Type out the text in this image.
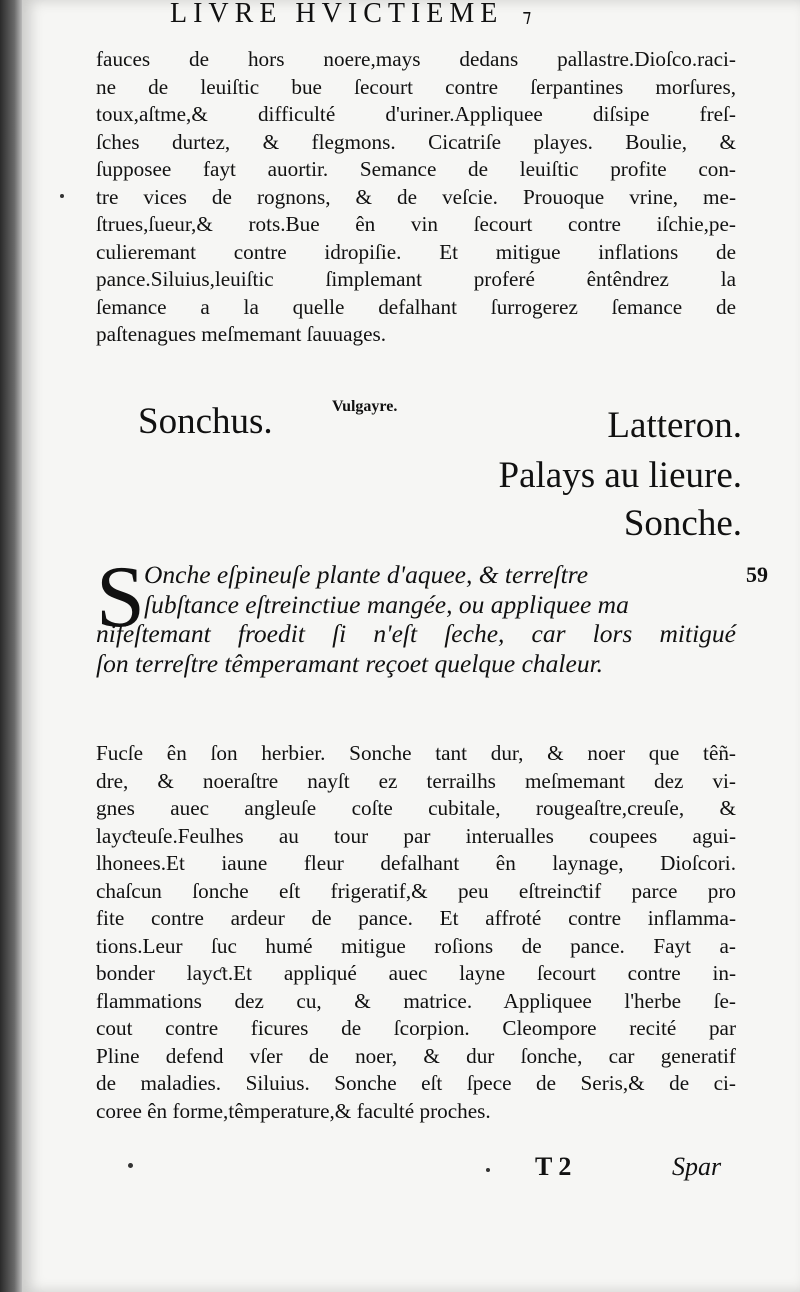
LIVRE HVICTIEME ⁊
fauces de hors noere,mays dedans pallastre.Dioſco.raci-
ne de leuiſtic bue ſecourt contre ſerpantines morſures,
toux,aſtme,& difficulté d'uriner.Appliquee diſsipe freſ-
ſches durtez, & flegmons. Cicatriſe playes. Boulie, &
ſupposee fayt auortir. Semance de leuiſtic profite con-
tre vices de rognons, & de veſcie. Prouoque vrine, me-
ſtrues,ſueur,& rots.Bue ên vin ſecourt contre iſchie,pe-
culieremant contre idropiſie. Et mitigue inflations de
pance.Siluius,leuiſtic ſimplemant proferé êntêndrez la
ſemance a la quelle defalhant ſurrogerez ſemance de
paſtenagues meſmemant ſauuages.
Sonchus.	Vulgayre.	Latteron.
Palays au lieure.
Sonche.
S Onche eſpineuſe plante d'aquee, & terreſtre
ſubſtance eſtreinctiue mangée, ou appliquee ma
nifeſtemant froedit ſi n'eſt ſeche, car lors mitigué
ſon terreſtre têmperamant reçoet quelque chaleur.
59
Fucſe ên ſon herbier. Sonche tant dur, & noer que têñ-
dre, & noeraſtre nayſt ez terrailhs meſmemant dez vi-
gnes auec angleuſe coſte cubitale, rougeaſtre,creuſe, &
layƈteuſe.Feulhes au tour par interualles coupees agui-
lhonees.Et iaune fleur defalhant ên laynage, Dioſcori.
chaſcun ſonche eſt frigeratif,& peu eſtreinƈtif parce pro
fite contre ardeur de pance. Et affroté contre inflamma-
tions.Leur ſuc humé mitigue roſions de pance. Fayt a-
bonder layƈt.Et appliqué auec layne ſecourt contre in-
flammations dez cu, & matrice. Appliquee l'herbe ſe-
cout contre ficures de ſcorpion. Cleompore recité par
Pline defend vſer de noer, & dur ſonche, car generatif
de maladies. Siluius. Sonche eſt ſpece de Seris,& de ci-
coree ên forme,têmperature,& faculté proches.
T 2	Spar
